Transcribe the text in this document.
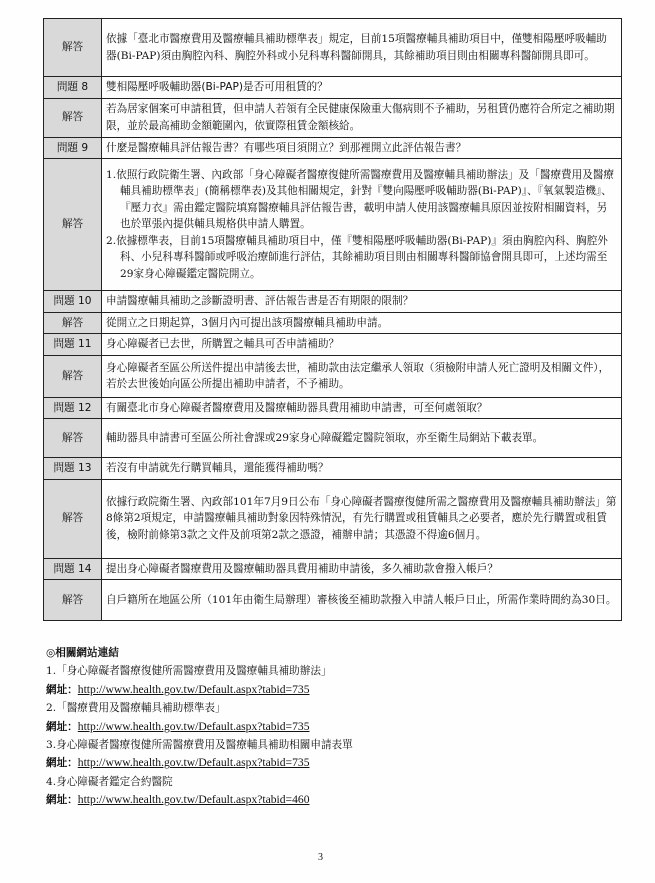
解答	依據「臺北市醫療費用及醫療輔具補助標準表」規定，目前15項醫療輔具補助項目中，僅雙相陽壓呼吸輔助器(Bi-PAP)須由胸腔內科、胸腔外科或小兒科專科醫師開具，其餘補助項目則由相關專科醫師開具即可。

問題 8	雙相陽壓呼吸輔助器(Bi-PAP)是否可用租賃的？
解答	若為居家個案可申請租賃，但申請人若領有全民健康保險重大傷病則不予補助，另租賃仍應符合所定之補助期限，並於最高補助金額範圍內，依實際租賃金額核給。

問題 9	什麼是醫療輔具評估報告書？有哪些項目須開立？到那裡開立此評估報告書？
解答	1.依照行政院衛生署、內政部「身心障礙者醫療復健所需醫療費用及醫療輔具補助辦法」及「醫療費用及醫療輔具補助標準表」(簡稱標準表)及其他相關規定，針對『雙向陽壓呼吸輔助器(Bi-PAP)』、『氧氣製造機』、『壓力衣』需由鑑定醫院填寫醫療輔具評估報告書，載明申請人使用該醫療輔具原因並按附相關資料，另也於單張內提供輔具規格供申請人購置。
2.依據標準表，目前15項醫療輔具補助項目中，僅『雙相陽壓呼吸輔助器(Bi-PAP)』須由胸腔內科、胸腔外科、小兒科專科醫師或呼吸治療師進行評估，其餘補助項目則由相關專科醫師協會開具即可，上述均需至29家身心障礙鑑定醫院開立。

問題 10	申請醫療輔具補助之診斷證明書、評估報告書是否有期限的限制？
解答	從開立之日期起算，3個月內可提出該項醫療輔具補助申請。

問題 11	身心障礙者已去世，所購置之輔具可否申請補助？
解答	身心障礙者至區公所送件提出申請後去世，補助款由法定繼承人領取（須檢附申請人死亡證明及相關文件），若於去世後始向區公所提出補助申請者，不予補助。

問題 12	有關臺北市身心障礙者醫療費用及醫療輔助器具費用補助申請書，可至何處領取？
解答	輔助器具申請書可至區公所社會課或29家身心障礙鑑定醫院領取，亦至衛生局網站下載表單。

問題 13	若沒有申請就先行購買輔具，還能獲得補助嗎？
解答	依據行政院衛生署、內政部101年7月9日公布「身心障礙者醫療復健所需之醫療費用及醫療輔具補助辦法」第8條第2項規定，申請醫療輔具補助對象因特殊情況，有先行購置或租賃輔具之必要者，應於先行購置或租賃後，檢附前條第3款之文件及前項第2款之憑證，補辦申請；其憑證不得逾6個月。

問題 14	提出身心障礙者醫療費用及醫療輔助器具費用補助申請後，多久補助款會撥入帳戶？
解答	自戶籍所在地區公所（101年由衛生局辦理）審核後至補助款撥入申請人帳戶日止，所需作業時間約為30日。
◎相關網站連結
1.「身心障礙者醫療復健所需醫療費用及醫療輔具補助辦法」
網址：http://www.health.gov.tw/Default.aspx?tabid=735
2.「醫療費用及醫療輔具補助標準表」
網址：http://www.health.gov.tw/Default.aspx?tabid=735
3.身心障礙者醫療復健所需醫療費用及醫療輔具補助相關申請表單
網址：http://www.health.gov.tw/Default.aspx?tabid=735
4.身心障礙者鑑定合約醫院
網址：http://www.health.gov.tw/Default.aspx?tabid=460
3
